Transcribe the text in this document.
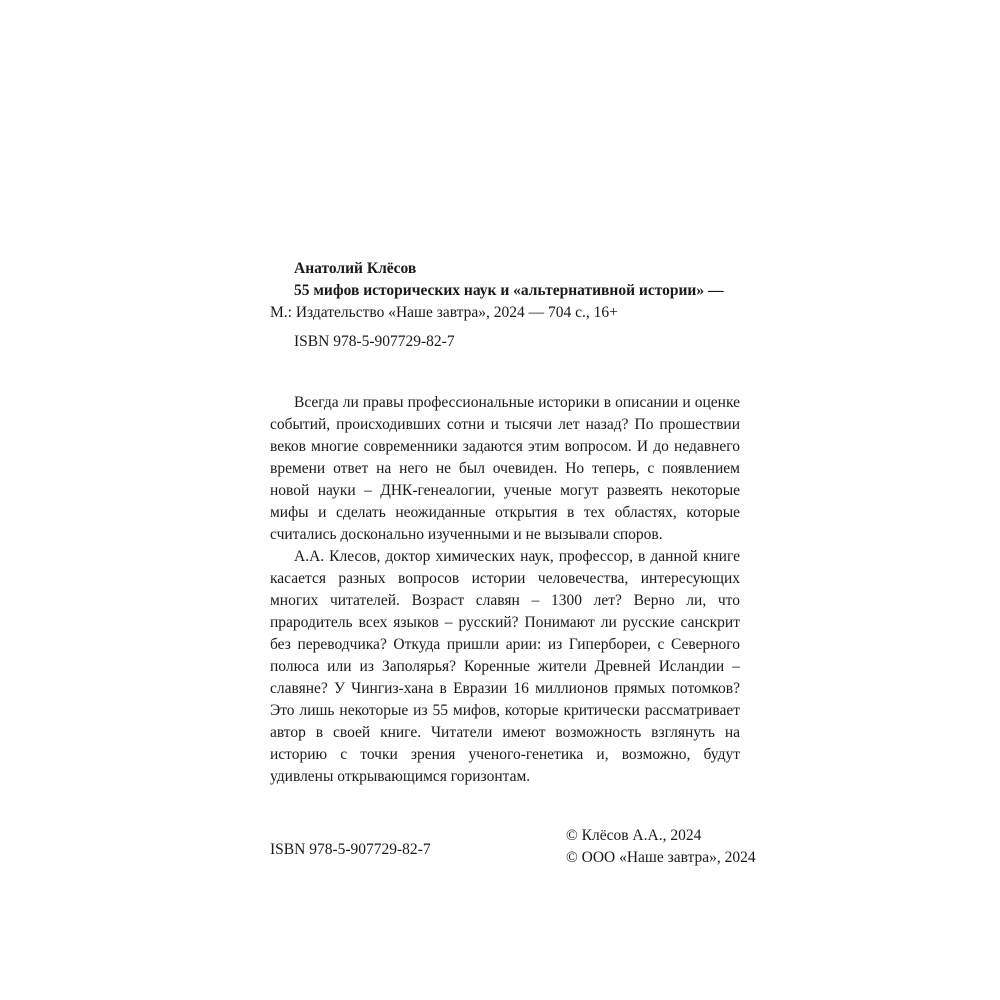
Анатолий Клёсов
55 мифов исторических наук и «альтернативной истории» —
М.: Издательство «Наше завтра», 2024 — 704 с., 16+
ISBN 978-5-907729-82-7

Всегда ли правы профессиональные историки в описании и оценке событий, происходивших сотни и тысячи лет назад? По прошествии веков многие современники задаются этим вопросом. И до недавнего времени ответ на него не был очевиден. Но теперь, с появлением новой науки – ДНК-генеалогии, ученые могут развеять некоторые мифы и сделать неожиданные открытия в тех областях, которые считались досконально изученными и не вызывали споров.

А.А. Клесов, доктор химических наук, профессор, в данной книге касается разных вопросов истории человечества, интересующих многих читателей. Возраст славян – 1300 лет? Верно ли, что прародитель всех языков – русский? Понимают ли русские санскрит без переводчика? Откуда пришли арии: из Гипербореи, с Северного полюса или из Заполярья? Коренные жители Древней Исландии – славяне? У Чингиз-хана в Евразии 16 миллионов прямых потомков? Это лишь некоторые из 55 мифов, которые критически рассматривает автор в своей книге. Читатели имеют возможность взглянуть на историю с точки зрения ученого-генетика и, возможно, будут удивлены открывающимся горизонтам.

ISBN 978-5-907729-82-7
© Клёсов А.А., 2024
© ООО «Наше завтра», 2024
